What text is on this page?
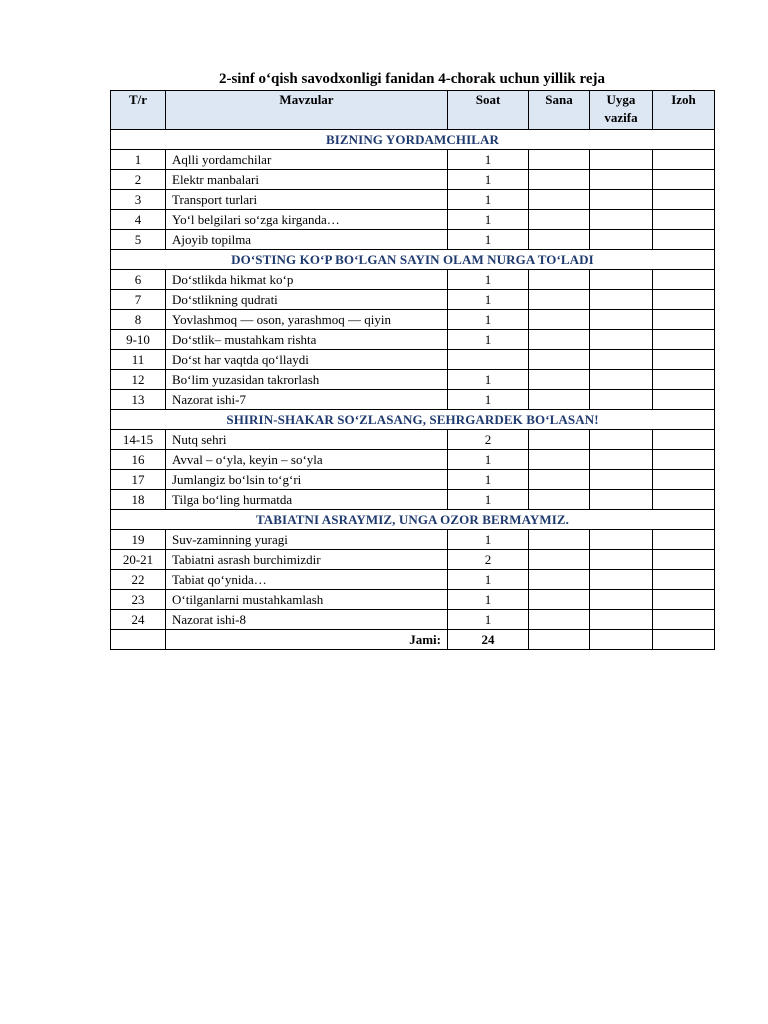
2-sinf o‘qish savodxonligi fanidan 4-chorak uchun yillik reja
T/r	Mavzular	Soat	Sana	Uyga vazifa	Izoh
BIZNING YORDAMCHILAR					
1	Aqlli yordamchilar	1			
2	Elektr manbalari	1			
3	Transport turlari	1			
4	Yo‘l belgilari so‘zga kirganda…	1			
5	Ajoyib topilma	1			
DO‘STING KO‘P BO‘LGAN SAYIN OLAM NURGA TO‘LADI					
6	Do‘stlikda hikmat ko‘p	1			
7	Do‘stlikning qudrati	1			
8	Yovlashmoq — oson, yarashmoq — qiyin	1			
9-10	Do‘stlik– mustahkam rishta	1			
11	Do‘st har vaqtda qo‘llaydi				
12	Bo‘lim yuzasidan takrorlash	1			
13	Nazorat ishi-7	1			
SHIRIN-SHAKAR SO‘ZLASANG, SEHRGARDEK BO‘LASAN!					
14-15	Nutq sehri	2			
16	Avval – o‘yla, keyin – so‘yla	1			
17	Jumlangiz bo‘lsin to‘g‘ri	1			
18	Tilga bo‘ling hurmatda	1			
TABIATNI ASRAYMIZ, UNGA OZOR BERMAYMIZ.					
19	Suv-zaminning yuragi	1			
20-21	Tabiatni asrash burchimizdir	2			
22	Tabiat qo‘ynida…	1			
23	O‘tilganlarni mustahkamlash	1			
24	Nazorat ishi-8	1			
	Jami:	24			
